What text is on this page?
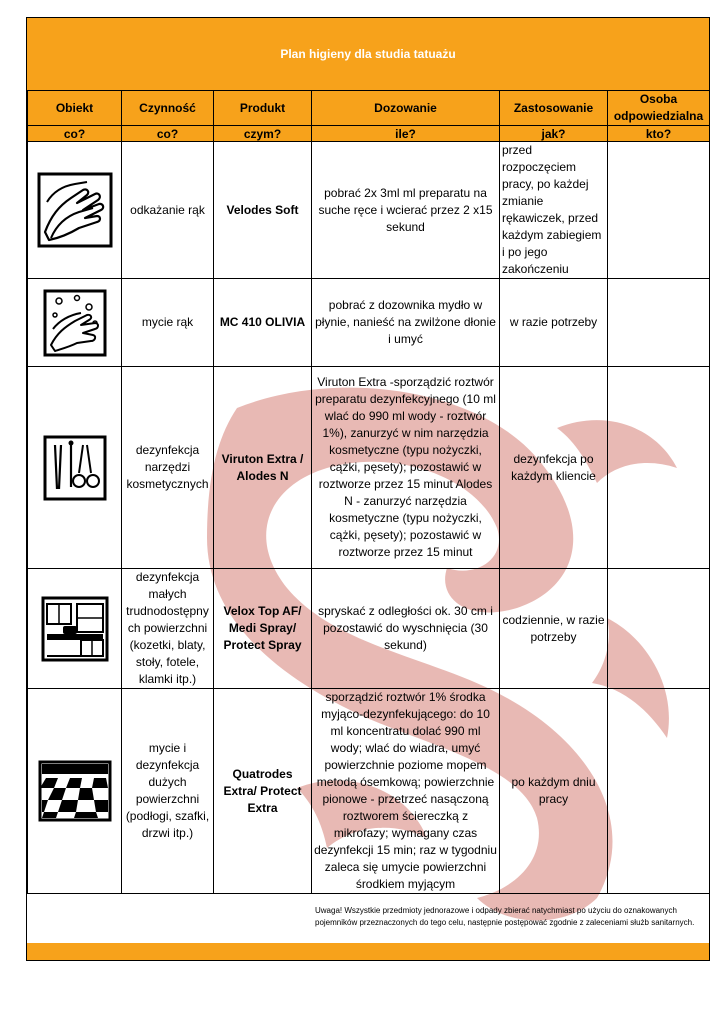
Plan higieny dla studia tatuażu
Obiekt	Czynność	Produkt	Dozowanie	Zastosowanie	Osoba odpowiedzialna
co?	co?	czym?	ile?	jak?	kto?

	odkażanie rąk	Velodes Soft	pobrać 2x 3ml ml preparatu na suche ręce i wcierać przez 2 x15 sekund	przed rozpoczęciem pracy, po każdej zmianie rękawiczek, przed każdym zabiegiem i po jego zakończeniu	

	mycie rąk	MC 410 OLIVIA	pobrać z dozownika mydło w płynie, nanieść na zwilżone dłonie i umyć	w razie potrzeby	

	dezynfekcja narzędzi kosmetycznych	Viruton Extra / Alodes N	Viruton Extra -sporządzić roztwór preparatu dezynfekcyjnego (10 ml wlać do 990 ml wody - roztwór 1%), zanurzyć w nim narzędzia kosmetyczne (typu nożyczki, cążki, pęsety); pozostawić w roztworze przez 15 minut Alodes N - zanurzyć narzędzia kosmetyczne (typu nożyczki, cążki, pęsety); pozostawić w roztworze przez 15 minut	dezynfekcja po każdym kliencie	

	dezynfekcja małych trudnodostępny ch powierzchni (kozetki, blaty, stoły, fotele, klamki itp.)	Velox Top AF/ Medi Spray/ Protect Spray	spryskać z odległości ok. 30 cm i pozostawić do wyschnięcia (30 sekund)	codziennie, w razie potrzeby	

	mycie i dezynfekcja dużych powierzchni (podłogi, szafki, drzwi itp.)	Quatrodes Extra/ Protect Extra	sporządzić roztwór 1% środka myjąco-dezynfekującego: do 10 ml koncentratu dolać 990 ml wody; wlać do wiadra, umyć powierzchnie poziome mopem metodą ósemkową; powierzchnie pionowe - przetrzeć nasączoną roztworem ściereczką z mikrofazy; wymagany czas dezynfekcji 15 min; raz w tygodniu zaleca się umycie powierzchni środkiem myjącym	po każdym dniu pracy	
Uwaga! Wszystkie przedmioty jednorazowe i odpady zbierać natychmiast po użyciu do oznakowanych pojemników przeznaczonych do tego celu, następnie postępować zgodnie z zaleceniami służb sanitarnych.
